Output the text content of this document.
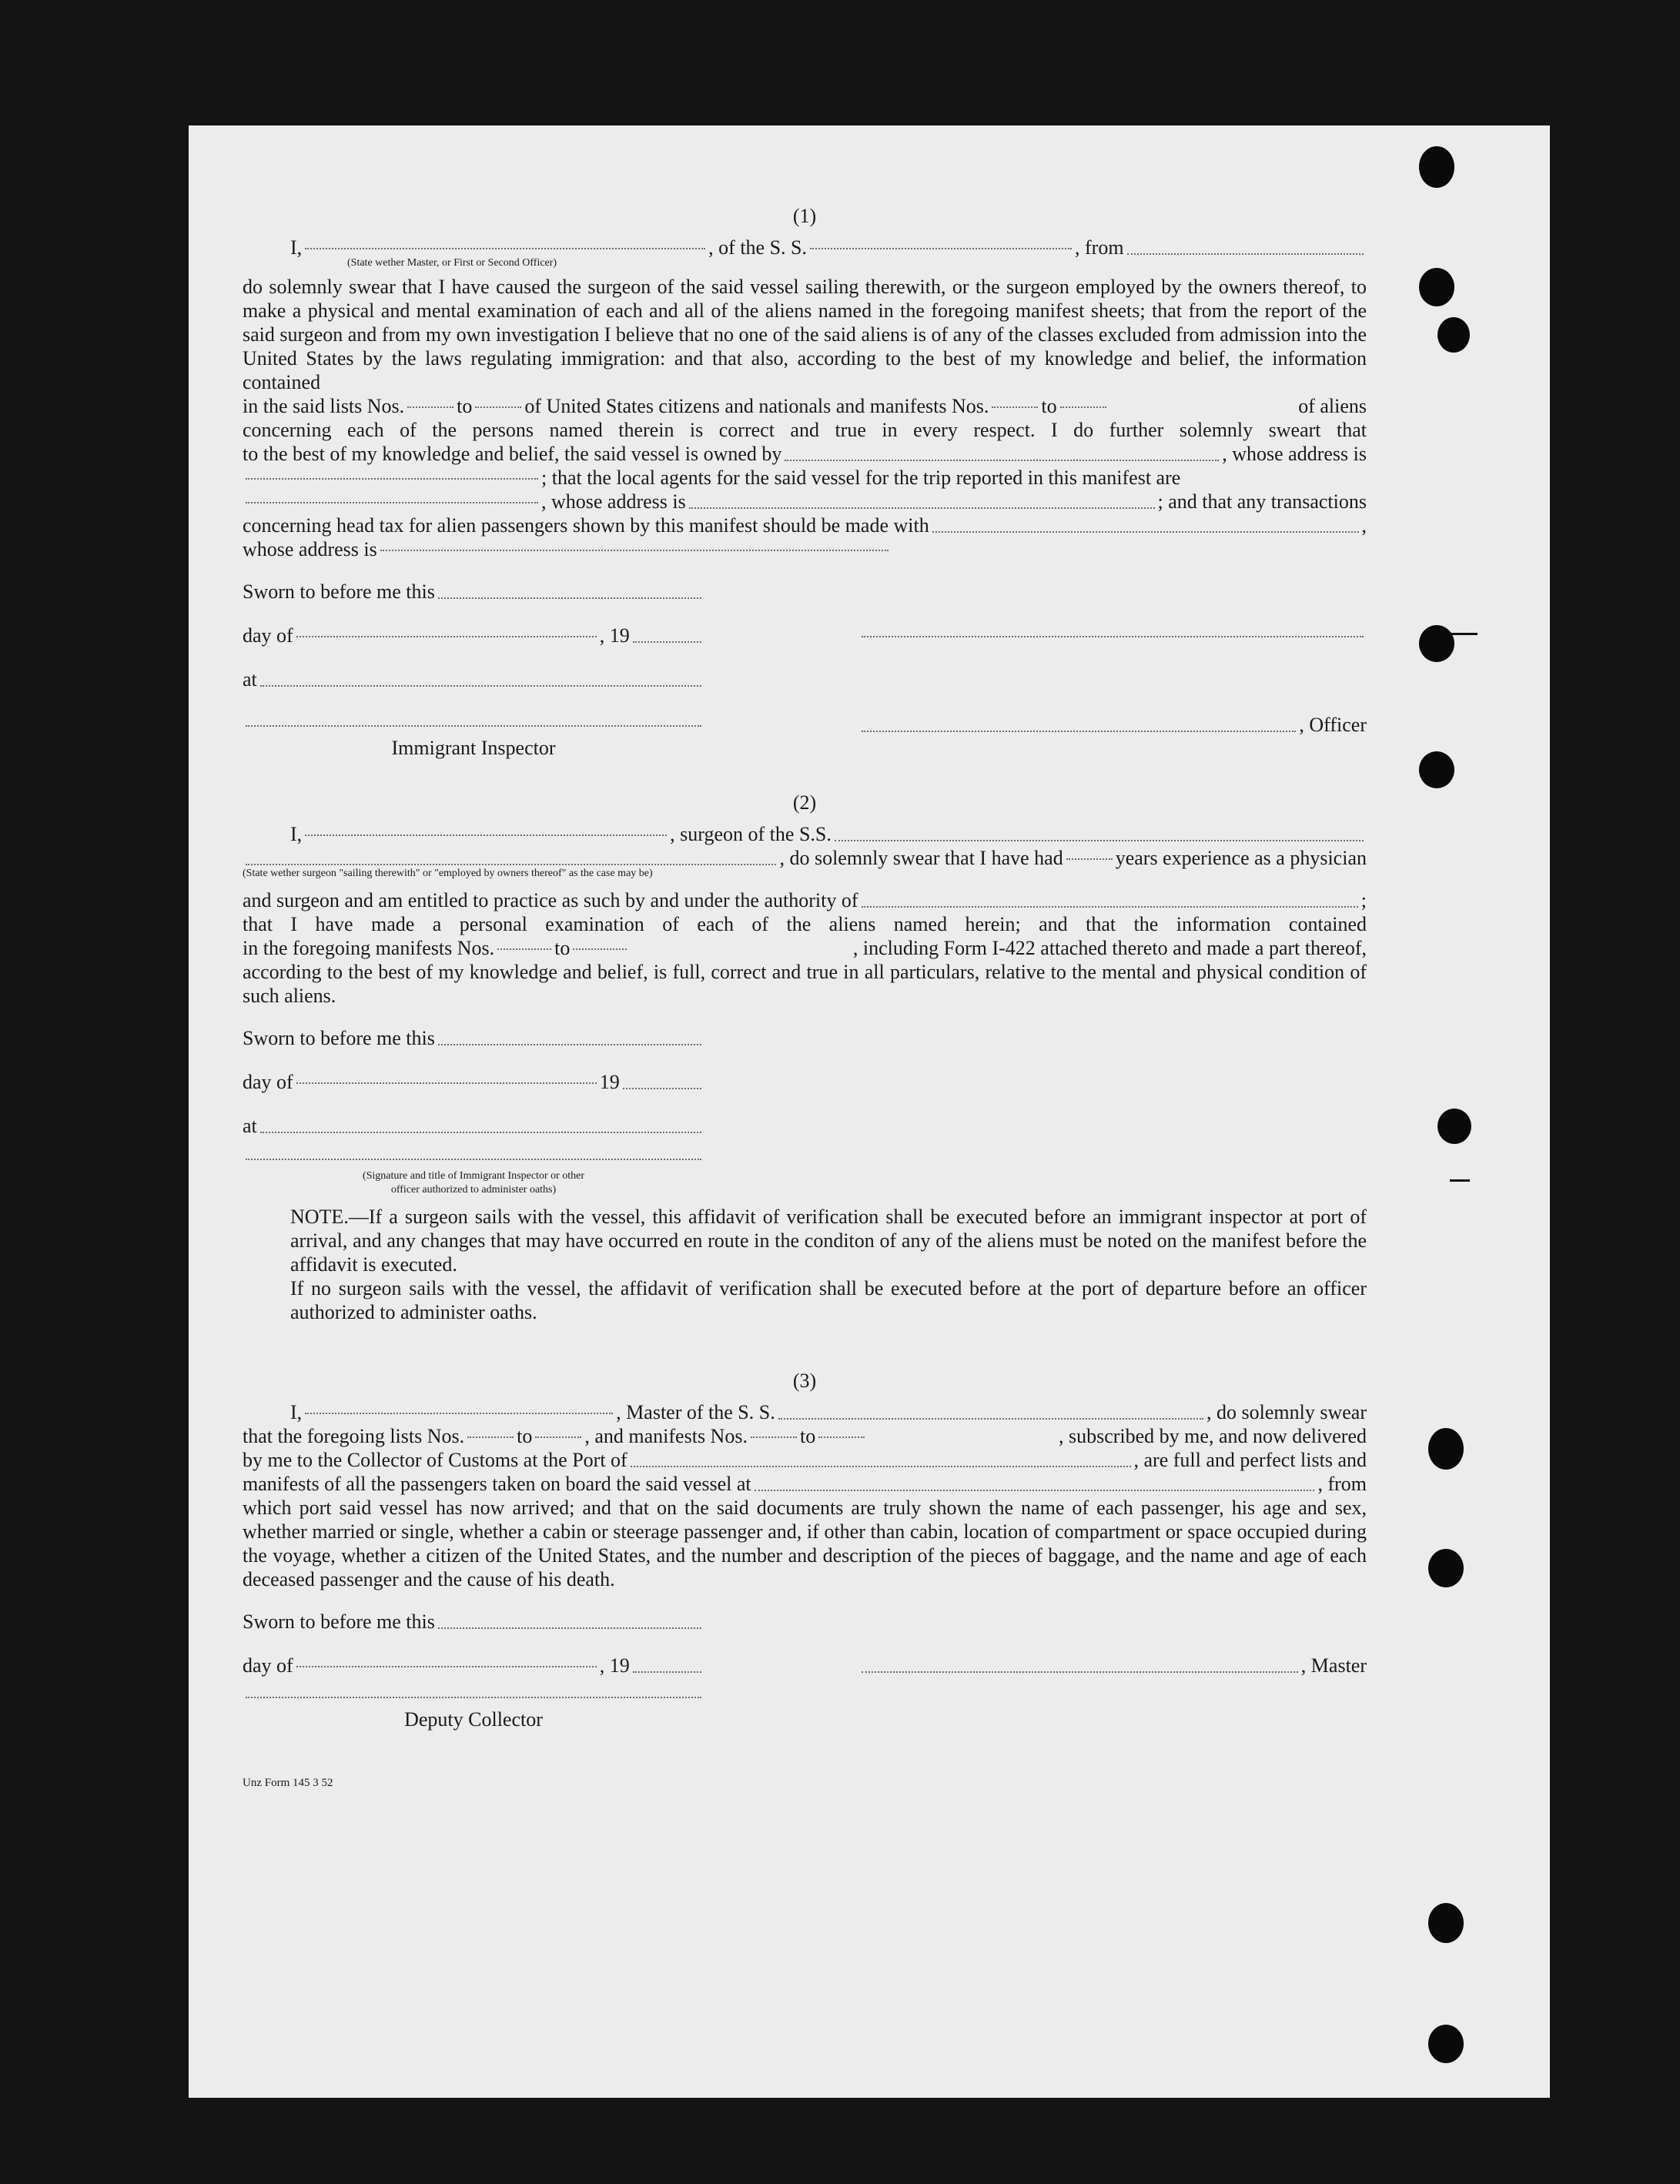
(1)
I,	, of the S. S.	, from
(State wether Master, or First or Second Officer)

do solemnly swear that I have caused the surgeon of the said vessel sailing therewith, or the surgeon employed by the owners thereof, to make a physical and mental examination of each and all of the aliens named in the foregoing manifest sheets; that from the report of the said surgeon and from my own investigation I believe that no one of the said aliens is of any of the classes excluded from admission into the United States by the laws regulating immigration: and that also, according to the best of my knowledge and belief, the information contained

in the said lists Nos.	to	of United States citizens and nationals and manifests Nos.	to	of aliens

concerning each of the persons named therein is correct and true in every respect. I do further solemnly sweart that

to the best of my knowledge and belief, the said vessel is owned by	, whose address is
; that the local agents for the said vessel for the trip reported in this manifest are
, whose address is	; and that any transactions
concerning head tax for alien passengers shown by this manifest should be made with	,
whose address is
Sworn to before me this
day of	, 19
at
Immigrant Inspector
, Officer
(2)
I,	, surgeon of the S.S.
, do solemnly swear that I have had	years experience as a physician
(State wether surgeon "sailing therewith" or "employed by owners thereof" as the case may be)
and surgeon and am entitled to practice as such by and under the authority of	;

that I have made a personal examination of each of the aliens named herein; and that the information contained

in the foregoing manifests Nos.	to	, including Form I-422 attached thereto and made a part thereof,

according to the best of my knowledge and belief, is full, correct and true in all particulars, relative to the mental and physical condition of such aliens.

Sworn to before me this
day of	19
at
(Signature and title of Immigrant Inspector or other
officer authorized to administer oaths)

NOTE.—If a surgeon sails with the vessel, this affidavit of verification shall be executed before an immigrant inspector at port of arrival, and any changes that may have occurred en route in the conditon of any of the aliens must be noted on the manifest before the affidavit is executed.

If no surgeon sails with the vessel, the affidavit of verification shall be executed before at the port of departure before an officer authorized to administer oaths.

(3)
I,	, Master of the S. S.	, do solemnly swear
that the foregoing lists Nos.	to	, and manifests Nos.	to	, subscribed by me, and now delivered
by me to the Collector of Customs at the Port of	, are full and perfect lists and
manifests of all the passengers taken on board the said vessel at	, from

which port said vessel has now arrived; and that on the said documents are truly shown the name of each passenger, his age and sex, whether married or single, whether a cabin or steerage passenger and, if other than cabin, location of compartment or space occupied during the voyage, whether a citizen of the United States, and the number and description of the pieces of baggage, and the name and age of each deceased passenger and the cause of his death.

Sworn to before me this
day of	, 19	, Master
Deputy Collector
Unz Form 145 3 52
